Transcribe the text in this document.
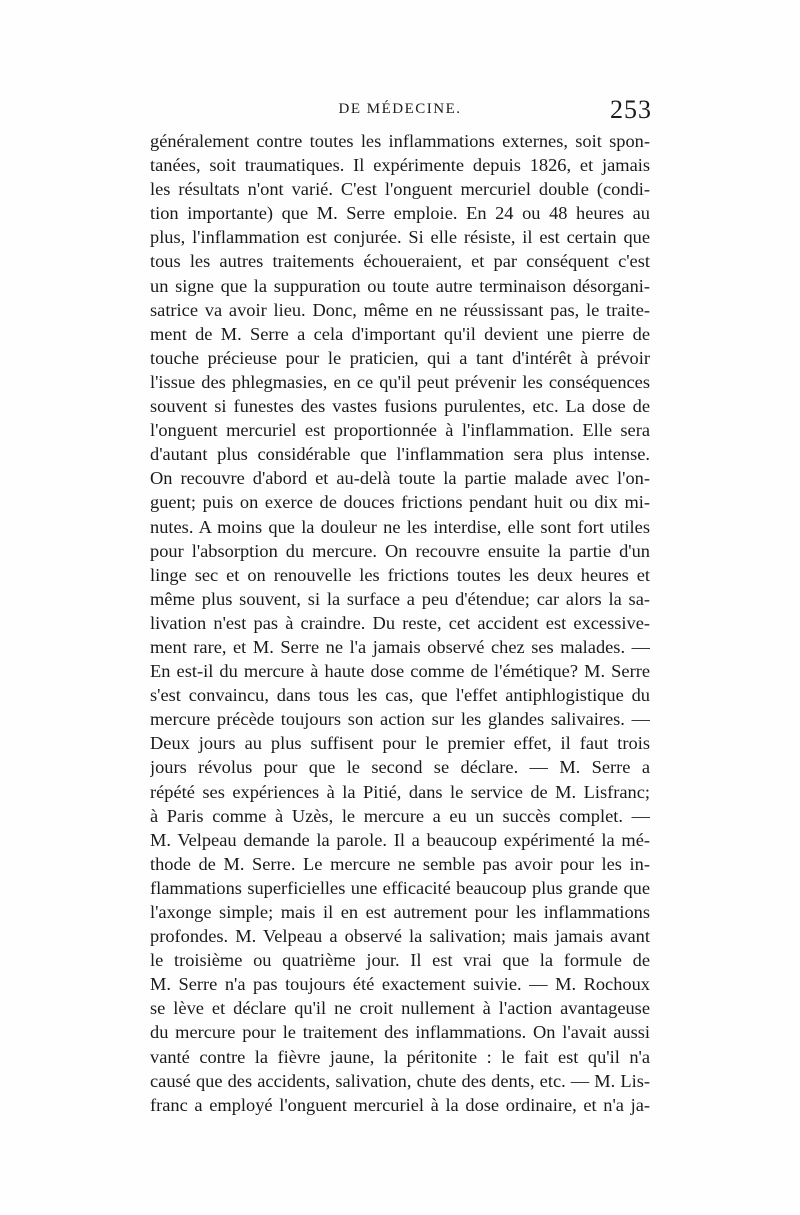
DE MÉDECINE.	253
généralement contre toutes les inflammations externes, soit spon-
tanées, soit traumatiques. Il expérimente depuis 1826, et jamais
les résultats n'ont varié. C'est l'onguent mercuriel double (condi-
tion importante) que M. Serre emploie. En 24 ou 48 heures au
plus, l'inflammation est conjurée. Si elle résiste, il est certain que
tous les autres traitements échoueraient, et par conséquent c'est
un signe que la suppuration ou toute autre terminaison désorgani-
satrice va avoir lieu. Donc, même en ne réussissant pas, le traite-
ment de M. Serre a cela d'important qu'il devient une pierre de
touche précieuse pour le praticien, qui a tant d'intérêt à prévoir
l'issue des phlegmasies, en ce qu'il peut prévenir les conséquences
souvent si funestes des vastes fusions purulentes, etc. La dose de
l'onguent mercuriel est proportionnée à l'inflammation. Elle sera
d'autant plus considérable que l'inflammation sera plus intense.
On recouvre d'abord et au-delà toute la partie malade avec l'on-
guent; puis on exerce de douces frictions pendant huit ou dix mi-
nutes. A moins que la douleur ne les interdise, elle sont fort utiles
pour l'absorption du mercure. On recouvre ensuite la partie d'un
linge sec et on renouvelle les frictions toutes les deux heures et
même plus souvent, si la surface a peu d'étendue; car alors la sa-
livation n'est pas à craindre. Du reste, cet accident est excessive-
ment rare, et M. Serre ne l'a jamais observé chez ses malades. —
En est-il du mercure à haute dose comme de l'émétique? M. Serre
s'est convaincu, dans tous les cas, que l'effet antiphlogistique du
mercure précède toujours son action sur les glandes salivaires. —
Deux jours au plus suffisent pour le premier effet, il faut trois
jours révolus pour que le second se déclare. — M. Serre a
répété ses expériences à la Pitié, dans le service de M. Lisfranc;
à Paris comme à Uzès, le mercure a eu un succès complet. —
M. Velpeau demande la parole. Il a beaucoup expérimenté la mé-
thode de M. Serre. Le mercure ne semble pas avoir pour les in-
flammations superficielles une efficacité beaucoup plus grande que
l'axonge simple; mais il en est autrement pour les inflammations
profondes. M. Velpeau a observé la salivation; mais jamais avant
le troisième ou quatrième jour. Il est vrai que la formule de
M. Serre n'a pas toujours été exactement suivie. — M. Rochoux
se lève et déclare qu'il ne croit nullement à l'action avantageuse
du mercure pour le traitement des inflammations. On l'avait aussi
vanté contre la fièvre jaune, la péritonite : le fait est qu'il n'a
causé que des accidents, salivation, chute des dents, etc. — M. Lis-
franc a employé l'onguent mercuriel à la dose ordinaire, et n'a ja-
